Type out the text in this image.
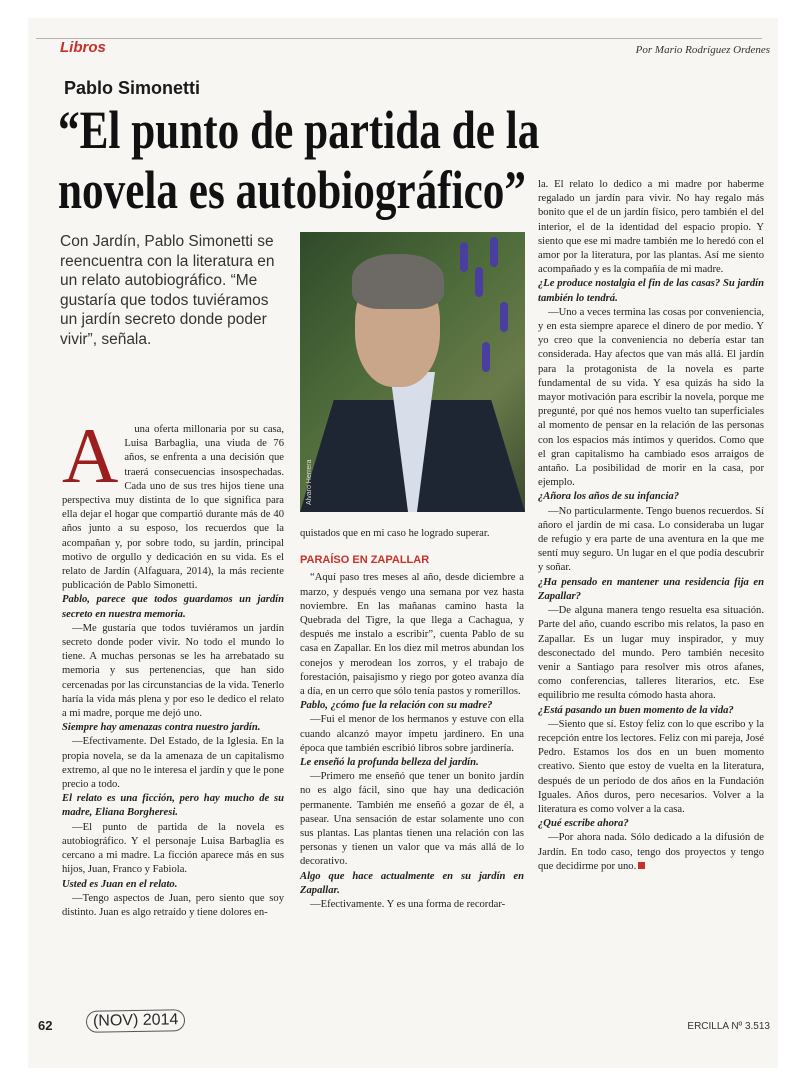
Libros	Por Mario Rodríguez Ordenes
Pablo Simonetti
“El punto de partida de la novela es autobiográfico”

Con Jardín, Pablo Simonetti se reencuentra con la literatura en un relato autobiográfico. “Me gustaría que todos tuviéramos un jardín secreto donde poder vivir”, señala.

Alvaro Herrera
A	una oferta millonaria por su casa, Luisa Barbaglia, una viuda de 76 años, se enfrenta a una decisión que traerá consecuencias insospechadas. Cada uno de sus tres hijos tiene una perspectiva muy distinta de lo que significa para ella dejar el hogar que compartió durante más de 40 años junto a su esposo, los recuerdos que la acompañan y, por sobre todo, su jardín, principal motivo de orgullo y dedicación en su vida. Es el relato de Jardín (Alfaguara, 2014), la más reciente publicación de Pablo Simonetti.

Pablo, parece que todos guardamos un jardín secreto en nuestra memoria.

—Me gustaría que todos tuviéramos un jardín secreto donde poder vivir. No todo el mundo lo tiene. A muchas personas se les ha arrebatado su memoria y sus pertenencias, que han sido cercenadas por las circunstancias de la vida. Tenerlo haría la vida más plena y por eso le dedico el relato a mi madre, porque me dejó uno.

Siempre hay amenazas contra nuestro jardín.

—Efectivamente. Del Estado, de la Iglesia. En la propia novela, se da la amenaza de un capitalismo extremo, al que no le interesa el jardín y que le pone precio a todo.

El relato es una ficción, pero hay mucho de su madre, Eliana Borgheresi.

—El punto de partida de la novela es autobiográfico. Y el personaje Luisa Barbaglia es cercano a mi madre. La ficción aparece más en sus hijos, Juan, Franco y Fabiola.

Usted es Juan en el relato.

—Tengo aspectos de Juan, pero siento que soy distinto. Juan es algo retraído y tiene dolores en-

quistados que en mi caso he logrado superar.

PARAÍSO EN ZAPALLAR

“Aquí paso tres meses al año, desde diciembre a marzo, y después vengo una semana por vez hasta noviembre. En las mañanas camino hasta la Quebrada del Tigre, la que llega a Cachagua, y después me instalo a escribir”, cuenta Pablo de su casa en Zapallar. En los diez mil metros abundan los conejos y merodean los zorros, y el trabajo de forestación, paisajismo y riego por goteo avanza día a día, en un cerro que sólo tenía pastos y romerillos.

Pablo, ¿cómo fue la relación con su madre?

—Fui el menor de los hermanos y estuve con ella cuando alcanzó mayor ímpetu jardinero. En una época que también escribió libros sobre jardinería.

Le enseñó la profunda belleza del jardín.

—Primero me enseñó que tener un bonito jardín no es algo fácil, sino que hay una dedicación permanente. También me enseñó a gozar de él, a pasear. Una sensación de estar solamente uno con sus plantas. Las plantas tienen una relación con las personas y tienen un valor que va más allá de lo decorativo.

Algo que hace actualmente en su jardín en Zapallar.

—Efectivamente. Y es una forma de recordar-

la. El relato lo dedico a mi madre por haberme regalado un jardín para vivir. No hay regalo más bonito que el de un jardín físico, pero también el del interior, el de la identidad del espacio propio. Y siento que ese mi madre también me lo heredó con el amor por la literatura, por las plantas. Así me siento acompañado y es la compañía de mi madre.

¿Le produce nostalgia el fin de las casas? Su jardín también lo tendrá.

—Uno a veces termina las cosas por conveniencia, y en esta siempre aparece el dinero de por medio. Y yo creo que la conveniencia no debería estar tan considerada. Hay afectos que van más allá. El jardín para la protagonista de la novela es parte fundamental de su vida. Y esa quizás ha sido la mayor motivación para escribir la novela, porque me pregunté, por qué nos hemos vuelto tan superficiales al momento de pensar en la relación de las personas con los espacios más íntimos y queridos. Como que el gran capitalismo ha cambiado esos arraigos de antaño. La posibilidad de morir en la casa, por ejemplo.

¿Añora los años de su infancia?

—No particularmente. Tengo buenos recuerdos. Sí añoro el jardín de mi casa. Lo consideraba un lugar de refugio y era parte de una aventura en la que me sentí muy seguro. Un lugar en el que podía descubrir y soñar.

¿Ha pensado en mantener una residencia fija en Zapallar?

—De alguna manera tengo resuelta esa situación. Parte del año, cuando escribo mis relatos, la paso en Zapallar. Es un lugar muy inspirador, y muy desconectado del mundo. Pero también necesito venir a Santiago para resolver mis otros afanes, como conferencias, talleres literarios, etc. Ese equilibrio me resulta cómodo hasta ahora.

¿Está pasando un buen momento de la vida?

—Siento que sí. Estoy feliz con lo que escribo y la recepción entre los lectores. Feliz con mi pareja, José Pedro. Estamos los dos en un buen momento creativo. Siento que estoy de vuelta en la literatura, después de un período de dos años en la Fundación Iguales. Años duros, pero necesarios. Volver a la literatura es como volver a la casa.

¿Qué escribe ahora?

—Por ahora nada. Sólo dedicado a la difusión de Jardín. En todo caso, tengo dos proyectos y tengo que decidirme por uno.

62	(NOV) 2014	ERCILLA Nº 3.513
